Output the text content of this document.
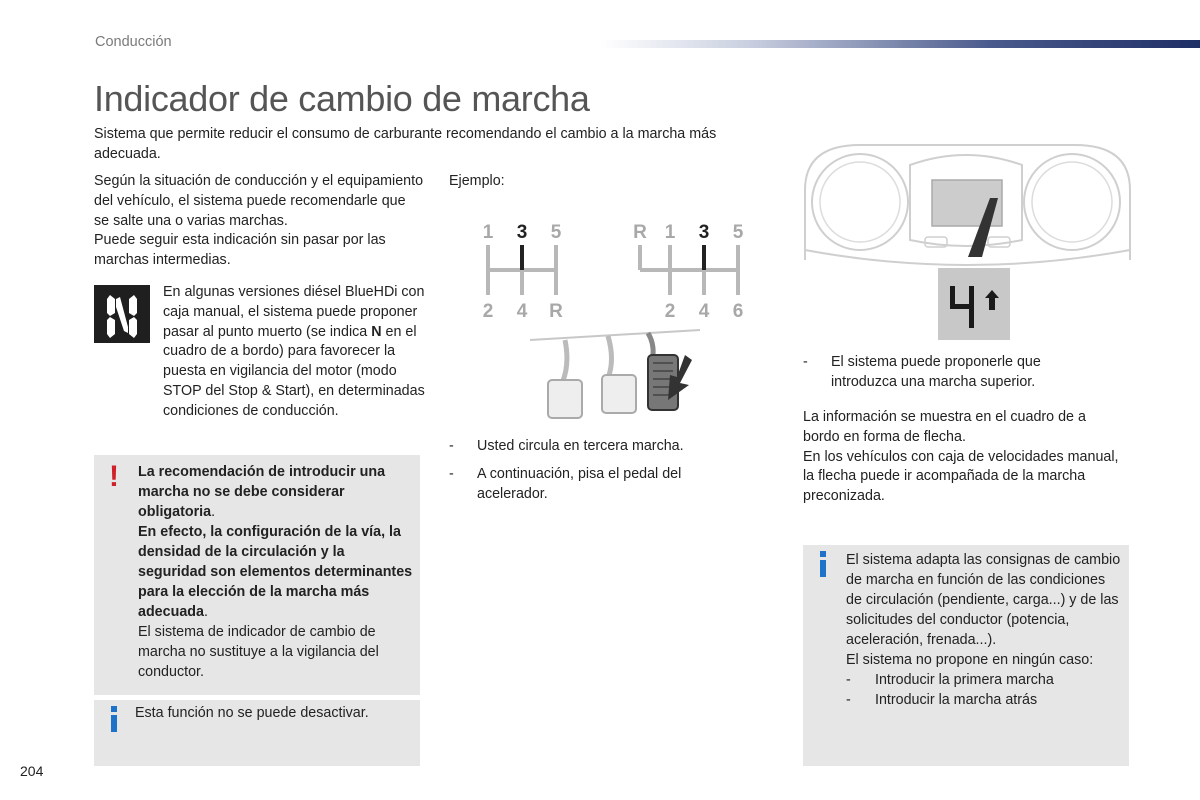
Conducción
Indicador de cambio de marcha
Sistema que permite reducir el consumo de carburante recomendando el cambio a la marcha más adecuada.
Según la situación de conducción y el equipamiento del vehículo, el sistema puede recomendarle que se salte una o varias marchas.
Puede seguir esta indicación sin pasar por las marchas intermedias.
En algunas versiones diésel BlueHDi con caja manual, el sistema puede proponer pasar al punto muerto (se indica N en el cuadro de a bordo) para favorecer la puesta en vigilancia del motor (modo STOP del Stop & Start), en determinadas condiciones de conducción.
! La recomendación de introducir una marcha no se debe considerar obligatoria.
En efecto, la configuración de la vía, la densidad de la circulación y la seguridad son elementos determinantes para la elección de la marcha más adecuada.
El sistema de indicador de cambio de marcha no sustituye a la vigilancia del conductor.
Esta función no se puede desactivar.
Ejemplo:
1 3 5
2 4 R
R 1 3 5
2 4 6
- Usted circula en tercera marcha.
- A continuación, pisa el pedal del acelerador.
- El sistema puede proponerle que introduzca una marcha superior.
La información se muestra en el cuadro de a bordo en forma de flecha.
En los vehículos con caja de velocidades manual, la flecha puede ir acompañada de la marcha preconizada.
El sistema adapta las consignas de cambio de marcha en función de las condiciones de circulación (pendiente, carga...) y de las solicitudes del conductor (potencia, aceleración, frenada...).
El sistema no propone en ningún caso:
- Introducir la primera marcha
- Introducir la marcha atrás
204
